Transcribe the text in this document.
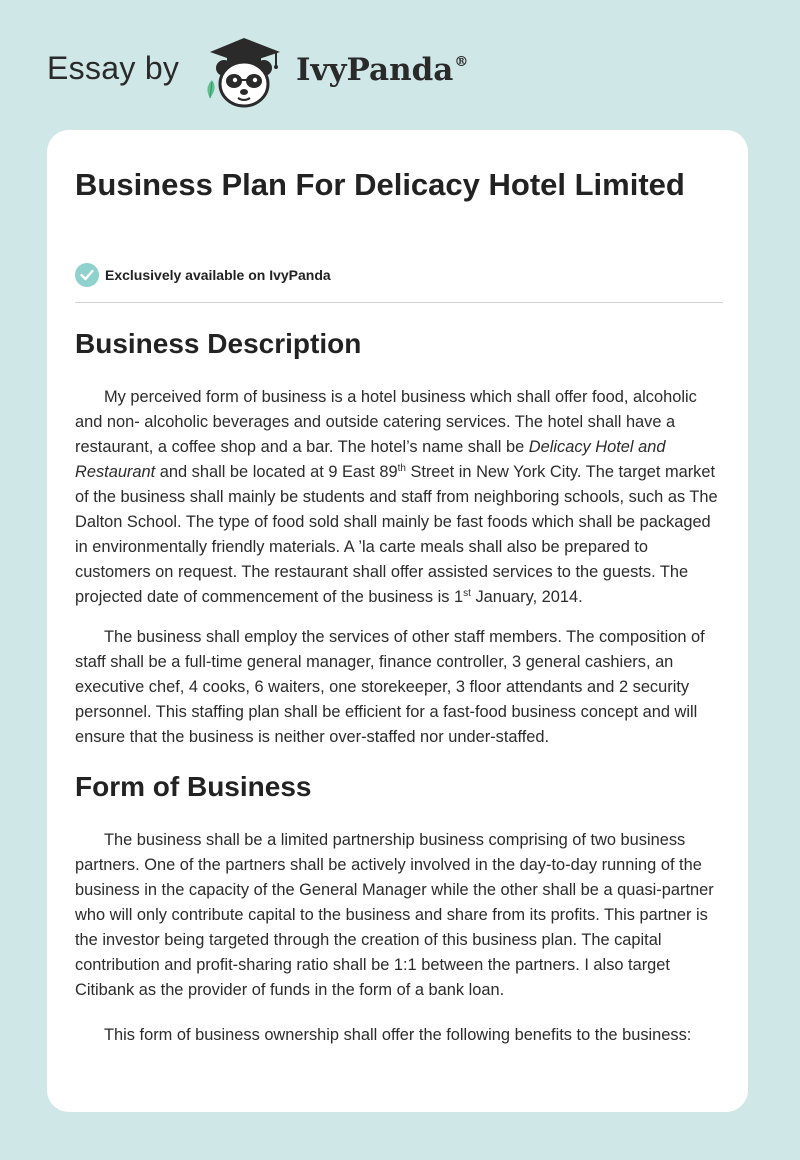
Essay by	IvyPanda®
Business Plan For Delicacy Hotel Limited
Exclusively available on IvyPanda
Business Description

My perceived form of business is a hotel business which shall offer food, alcoholic and non- alcoholic beverages and outside catering services. The hotel shall have a restaurant, a coffee shop and a bar. The hotel’s name shall be Delicacy Hotel and Restaurant and shall be located at 9 East 89th Street in New York City. The target market of the business shall mainly be students and staff from neighboring schools, such as The Dalton School. The type of food sold shall mainly be fast foods which shall be packaged in environmentally friendly materials. A ’la carte meals shall also be prepared to customers on request. The restaurant shall offer assisted services to the guests. The projected date of commencement of the business is 1st January, 2014.

The business shall employ the services of other staff members. The composition of staff shall be a full-time general manager, finance controller, 3 general cashiers, an executive chef, 4 cooks, 6 waiters, one storekeeper, 3 floor attendants and 2 security personnel. This staffing plan shall be efficient for a fast-food business concept and will ensure that the business is neither over-staffed nor under-staffed.

Form of Business

The business shall be a limited partnership business comprising of two business partners. One of the partners shall be actively involved in the day-to-day running of the business in the capacity of the General Manager while the other shall be a quasi-partner who will only contribute capital to the business and share from its profits. This partner is the investor being targeted through the creation of this business plan. The capital contribution and profit-sharing ratio shall be 1:1 between the partners. I also target Citibank as the provider of funds in the form of a bank loan.

This form of business ownership shall offer the following benefits to the business:
